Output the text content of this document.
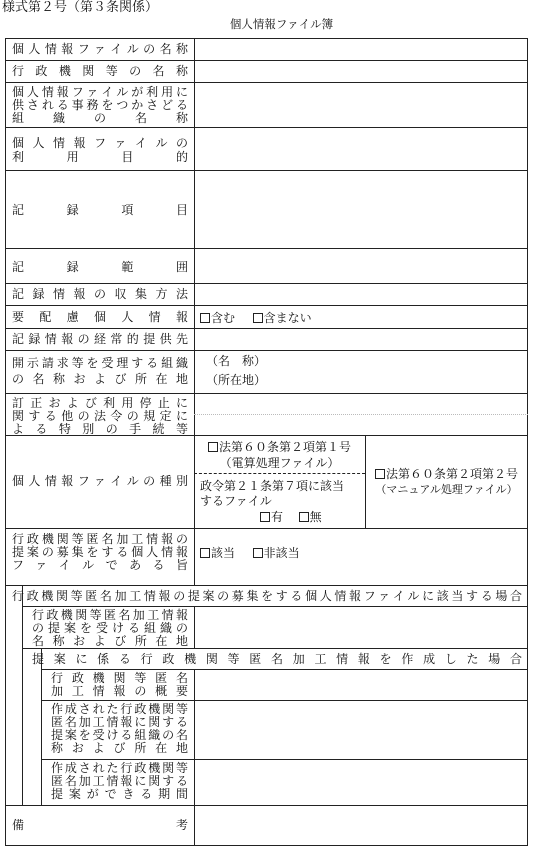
様式第２号（第３条関係）
個人情報ファイル簿
個人情報ファイルの名称
行政機関等の名称
個人情報ファイルが利用に
供される事務をつかさどる
組織の名称
個人情報ファイルの
利用目的
記録項目
記録範囲
記録情報の収集方法
要配慮個人情報
記録情報の経常的提供先
開示請求等を受理する組織
の名称および所在地
訂正および利用停止に
関する他の法令の規定に
よる特別の手続等
個人情報ファイルの種別
行政機関等匿名加工情報の
提案の募集をする個人情報
ファイルである旨
行政機関等匿名加工情報の提案の募集をする個人情報ファイルに該当する場合
行政機関等匿名加工情報
の提案を受ける組織の
名称および所在地
提案に係る行政機関等匿名加工情報を作成した場合
行政機関等匿名
加工情報の概要
作成された行政機関等
匿名加工情報に関する
提案を受ける組織の名
称および所在地
作成された行政機関等
匿名加工情報に関する
提案ができる期間
備考
含む
含まない
（名　称）
（所在地）
法第６０条第２項第１号
（電算処理ファイル）
政令第２１条第７項に該当
するファイル
有
無
法第６０条第２項第２号
（マニュアル処理ファイル）
該当
非該当
